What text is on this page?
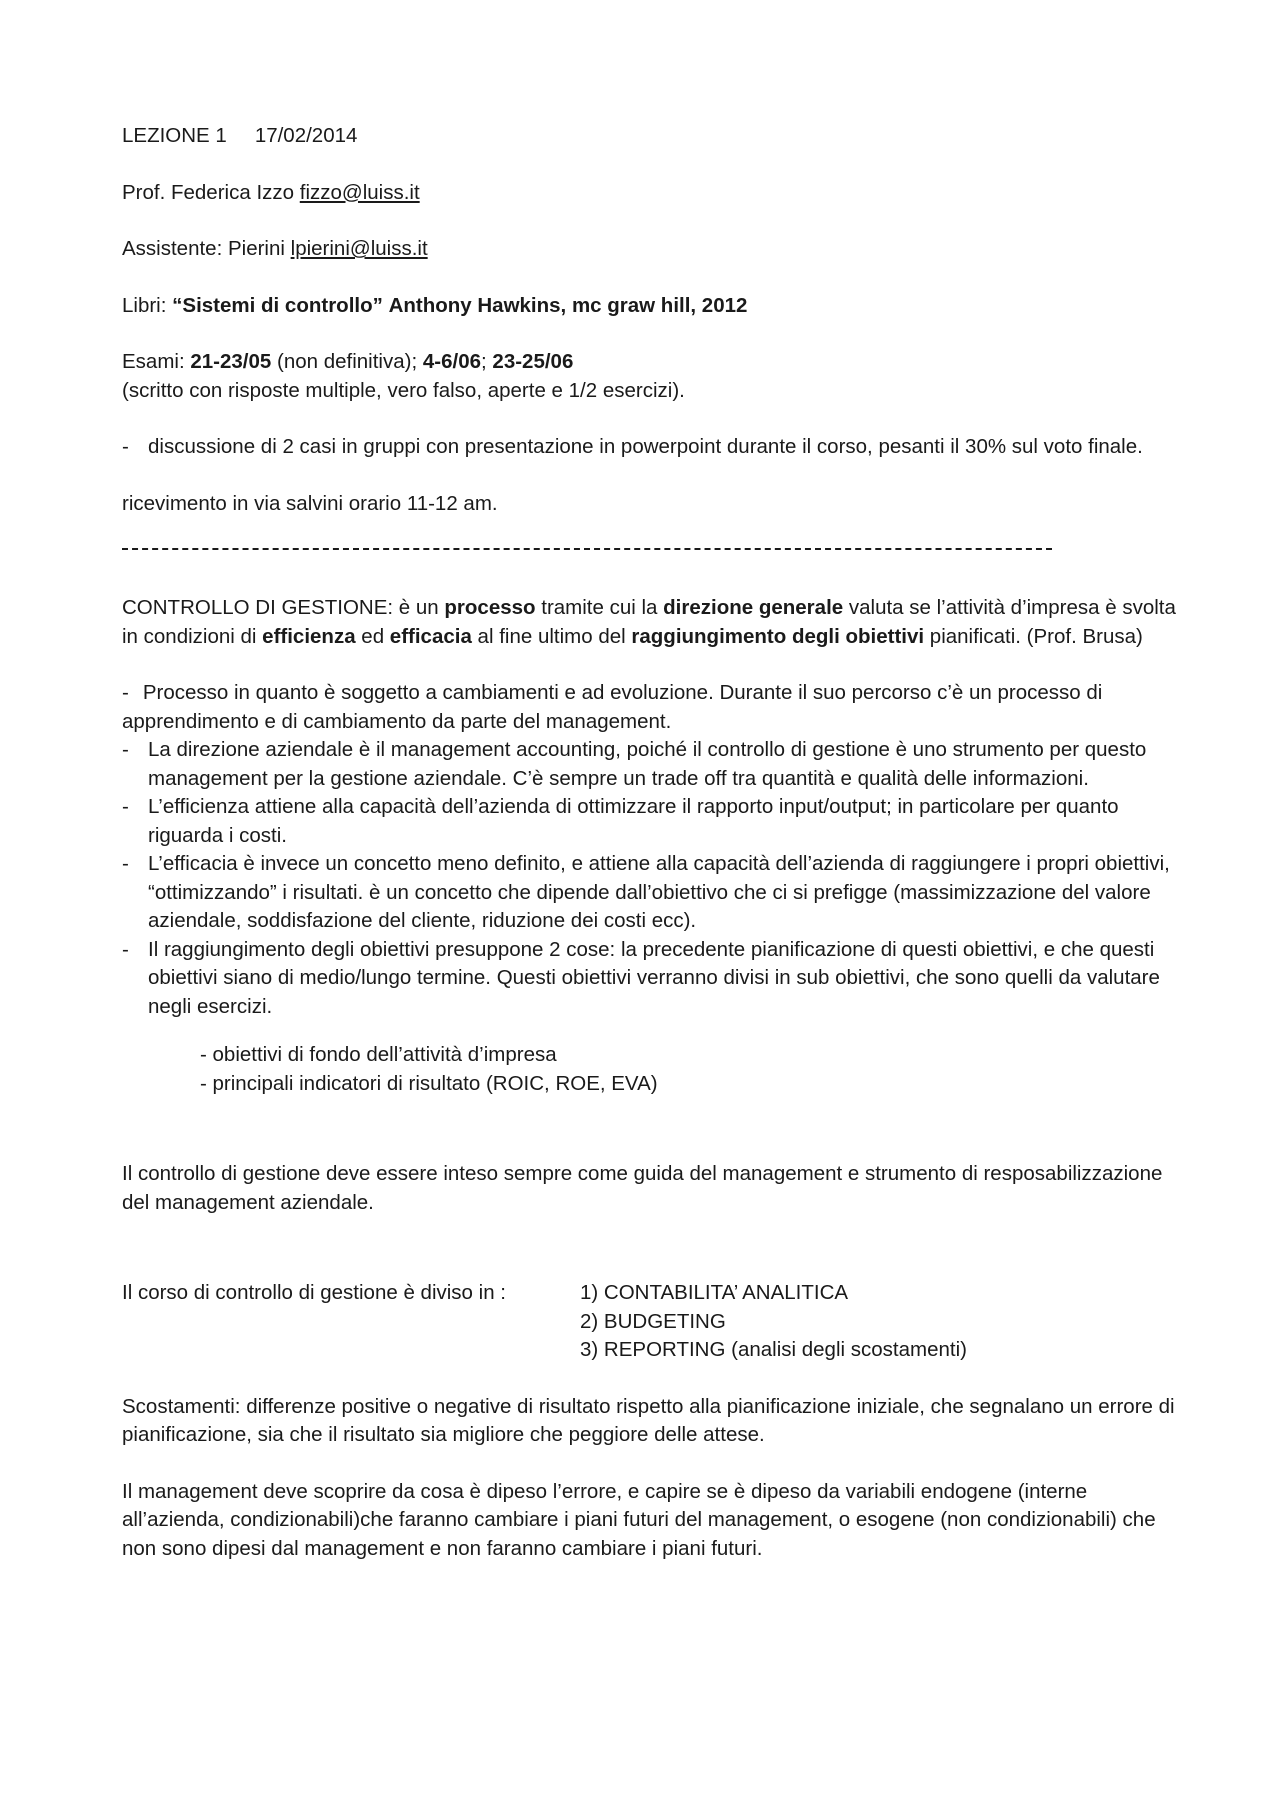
LEZIONE 1 17/02/2014

Prof. Federica Izzo fizzo@luiss.it

Assistente: Pierini lpierini@luiss.it

Libri: “Sistemi di controllo” Anthony Hawkins, mc graw hill, 2012

Esami: 21-23/05 (non definitiva); 4-6/06; 23-25/06

(scritto con risposte multiple, vero falso, aperte e 1/2 esercizi).

- discussione di 2 casi in gruppi con presentazione in powerpoint durante il corso, pesanti il 30% sul voto finale.

ricevimento in via salvini orario 11-12 am.

CONTROLLO DI GESTIONE: è un processo tramite cui la direzione generale valuta se l’attività d’impresa è svolta in condizioni di efficienza ed efficacia al fine ultimo del raggiungimento degli obiettivi pianificati. (Prof. Brusa)

- Processo in quanto è soggetto a cambiamenti e ad evoluzione. Durante il suo percorso c’è un processo di apprendimento e di cambiamento da parte del management.

- La direzione aziendale è il management accounting, poiché il controllo di gestione è uno strumento per questo management per la gestione aziendale. C’è sempre un trade off tra quantità e qualità delle informazioni.
- L’efficienza attiene alla capacità dell’azienda di ottimizzare il rapporto input/output; in particolare per quanto riguarda i costi.
- L’efficacia è invece un concetto meno definito, e attiene alla capacità dell’azienda di raggiungere i propri obiettivi, “ottimizzando” i risultati. è un concetto che dipende dall’obiettivo che ci si prefigge (massimizzazione del valore aziendale, soddisfazione del cliente, riduzione dei costi ecc).
- Il raggiungimento degli obiettivi presuppone 2 cose: la precedente pianificazione di questi obiettivi, e che questi obiettivi siano di medio/lungo termine. Questi obiettivi verranno divisi in sub obiettivi, che sono quelli da valutare negli esercizi.

- obiettivi di fondo dell’attività d’impresa

- principali indicatori di risultato (ROIC, ROE, EVA)

Il controllo di gestione deve essere inteso sempre come guida del management e strumento di resposabilizzazione del management aziendale.

Il corso di controllo di gestione è diviso in :	1) CONTABILITA’ ANALITICA

2) BUDGETING

3) REPORTING (analisi degli scostamenti)

Scostamenti: differenze positive o negative di risultato rispetto alla pianificazione iniziale, che segnalano un errore di pianificazione, sia che il risultato sia migliore che peggiore delle attese.

Il management deve scoprire da cosa è dipeso l’errore, e capire se è dipeso da variabili endogene (interne all’azienda, condizionabili)che faranno cambiare i piani futuri del management, o esogene (non condizionabili) che non sono dipesi dal management e non faranno cambiare i piani futuri.
